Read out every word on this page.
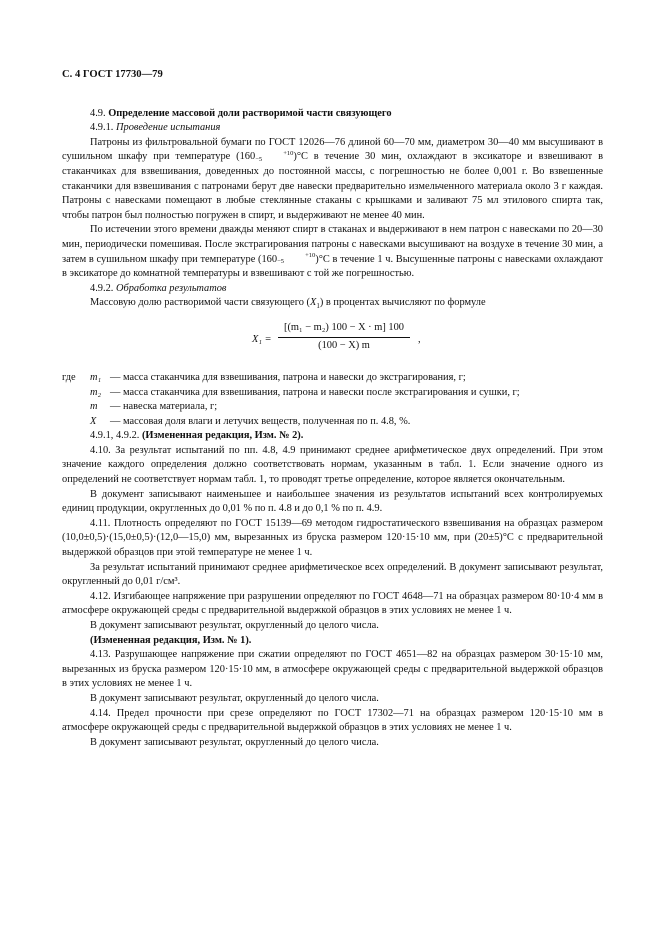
С. 4 ГОСТ 17730—79

4.9. Определение массовой доли растворимой части связующего

4.9.1. Проведение испытания

Патроны из фильтровальной бумаги по ГОСТ 12026—76 длиной 60—70 мм, диаметром 30—40 мм высушивают в сушильном шкафу при температуре (160	+10
−5	)°С в течение 30 мин, охлаждают в эксикаторе и взвешивают в стаканчиках для взвешивания, доведенных до постоянной массы, с погрешностью не более 0,001 г. Во взвешенные стаканчики для взвешивания с патронами берут две навески предварительно измельченного материала около 3 г каждая. Патроны с навесками помещают в любые стеклянные стаканы с крышками и заливают 75 мл этилового спирта так, чтобы патрон был полностью погружен в спирт, и выдерживают не менее 40 мин.

По истечении этого времени дважды меняют спирт в стаканах и выдерживают в нем патрон с навесками по 20—30 мин, периодически помешивая. После экстрагирования патроны с навесками высушивают на воздухе в течение 30 мин, а затем в сушильном шкафу при температуре (160	+10
−5	)°С в течение 1 ч. Высушенные патроны с навесками охлаждают в эксикаторе до комнатной температуры и взвешивают с той же погрешностью.

4.9.2. Обработка результатов

Массовую долю растворимой части связующего $(X_1)$ в процентах вычисляют по формуле

$X_1 = \frac{\text{[(m₁ − m₂) 100 − X · m] 100}}{(100 - X) m}$ ,
где	m₁ — масса стаканчика для взвешивания, патрона и навески до экстрагирования, г;
m₂ — масса стаканчика для взвешивания, патрона и навески после экстрагирования и сушки, г;
m	— навеска материала, г;
X	— массовая доля влаги и летучих веществ, полученная по п. 4.8, %.

4.9.1, 4.9.2. (Измененная редакция, Изм. № 2).

4.10. За результат испытаний по пп. 4.8, 4.9 принимают среднее арифметическое двух определений. При этом значение каждого определения должно соответствовать нормам, указанным в табл. 1. Если значение одного из определений не соответствует нормам табл. 1, то проводят третье определение, которое является окончательным.

В документ записывают наименьшее и наибольшее значения из результатов испытаний всех контролируемых единиц продукции, округленных до 0,01 % по п. 4.8 и до 0,1 % по п. 4.9.

4.11. Плотность определяют по ГОСТ 15139—69 методом гидростатического взвешивания на образцах размером (10,0±0,5)·(15,0±0,5)·(12,0—15,0) мм, вырезанных из бруска размером 120·15·10 мм, при (20±5)°С с предварительной выдержкой образцов при этой температуре не менее 1 ч.

За результат испытаний принимают среднее арифметическое всех определений. В документ записывают результат, округленный до 0,01 г/см³.

4.12. Изгибающее напряжение при разрушении определяют по ГОСТ 4648—71 на образцах размером 80·10·4 мм в атмосфере окружающей среды с предварительной выдержкой образцов в этих условиях не менее 1 ч.

В документ записывают результат, округленный до целого числа.

(Измененная редакция, Изм. № 1).

4.13. Разрушающее напряжение при сжатии определяют по ГОСТ 4651—82 на образцах размером 30·15·10 мм, вырезанных из бруска размером 120·15·10 мм, в атмосфере окружающей среды с предварительной выдержкой образцов в этих условиях не менее 1 ч.

В документ записывают результат, округленный до целого числа.

4.14. Предел прочности при срезе определяют по ГОСТ 17302—71 на образцах размером 120·15·10 мм в атмосфере окружающей среды с предварительной выдержкой образцов в этих условиях не менее 1 ч.

В документ записывают результат, округленный до целого числа.
